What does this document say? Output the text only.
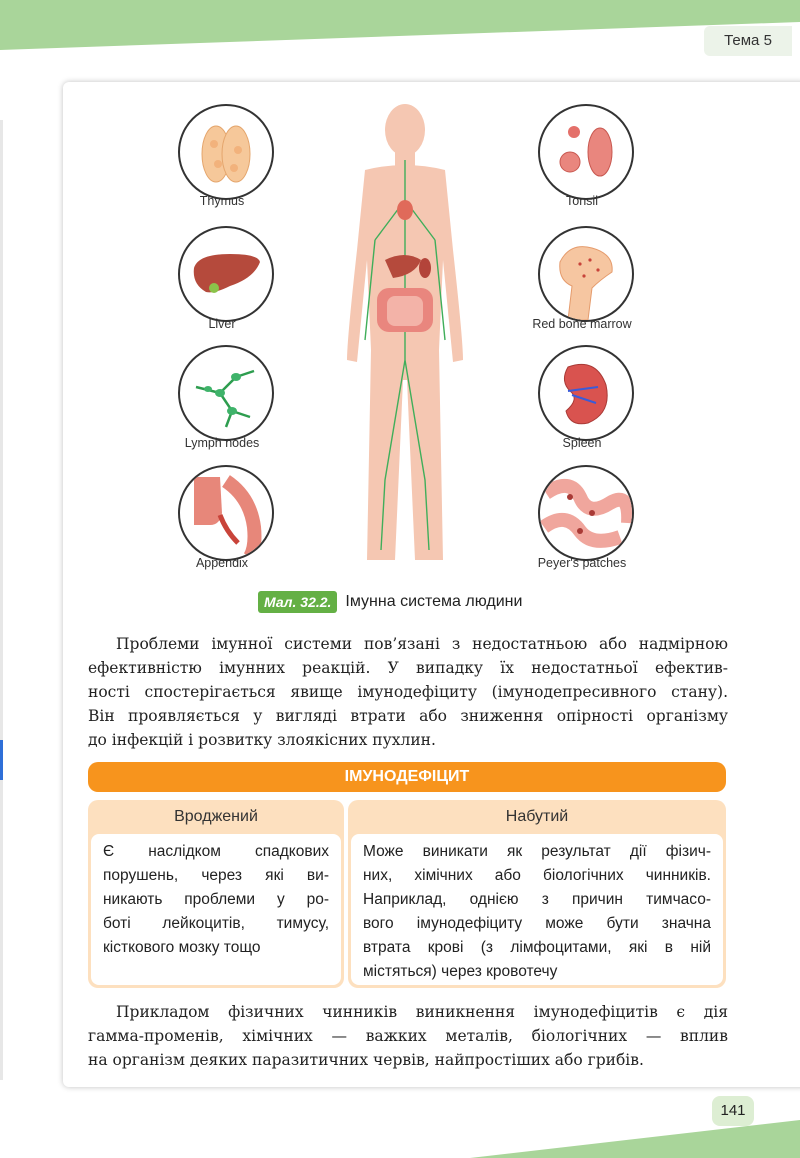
Тема 5
Thymus
Liver
Lymph nodes
Appendix
Tonsil
Red bone marrow
Spleen
Peyer's patches
Мал. 32.2. Імунна система людини
Проблеми імунної системи пов’язані з недостатньою або надмірною
ефективністю імунних реакцій. У випадку їх недостатньої ефектив-
ності спостерігається явище імунодефіциту (імунодепресивного стану).
Він проявляється у вигляді втрати або зниження опірності організму
до інфекцій і розвитку злоякісних пухлин.
ІМУНОДЕФІЦИТ
Вроджений
Є наслідком спадкових
порушень, через які ви-
никають проблеми у ро-
боті лейкоцитів, тимусу,
кісткового мозку тощо
Набутий
Може виникати як результат дії фізич-
них, хімічних або біологічних чинників.
Наприклад, однією з причин тимчасо-
вого імунодефіциту може бути значна
втрата крові (з лімфоцитами, які в ній
містяться) через кровотечу
Прикладом фізичних чинників виникнення імунодефіцитів є дія
гамма-променів, хімічних — важких металів, біологічних — вплив
на організм деяких паразитичних червів, найпростіших або грибів.
141
